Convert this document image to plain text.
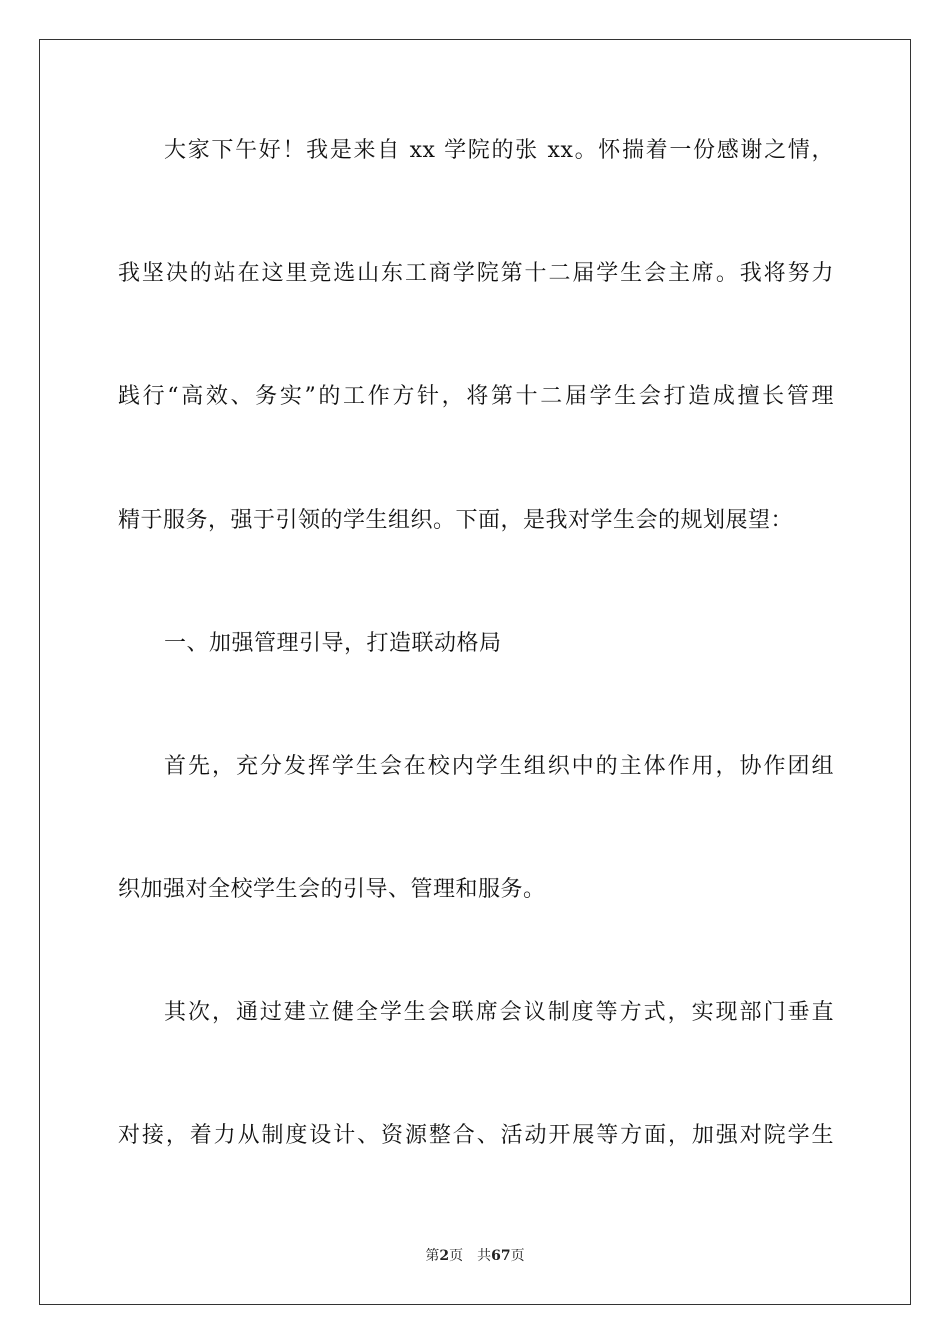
大家下午好！我是来自 xx 学院的张 xx。怀揣着一份感谢之情，
我坚决的站在这里竞选山东工商学院第十二届学生会主席。我将努力
践行“高效、务实”的工作方针，将第十二届学生会打造成擅长管理
精于服务，强于引领的学生组织。下面，是我对学生会的规划展望：
一、加强管理引导，打造联动格局
首先，充分发挥学生会在校内学生组织中的主体作用，协作团组
织加强对全校学生会的引导、管理和服务。
其次，通过建立健全学生会联席会议制度等方式，实现部门垂直
对接，着力从制度设计、资源整合、活动开展等方面，加强对院学生
第2页 共67页
